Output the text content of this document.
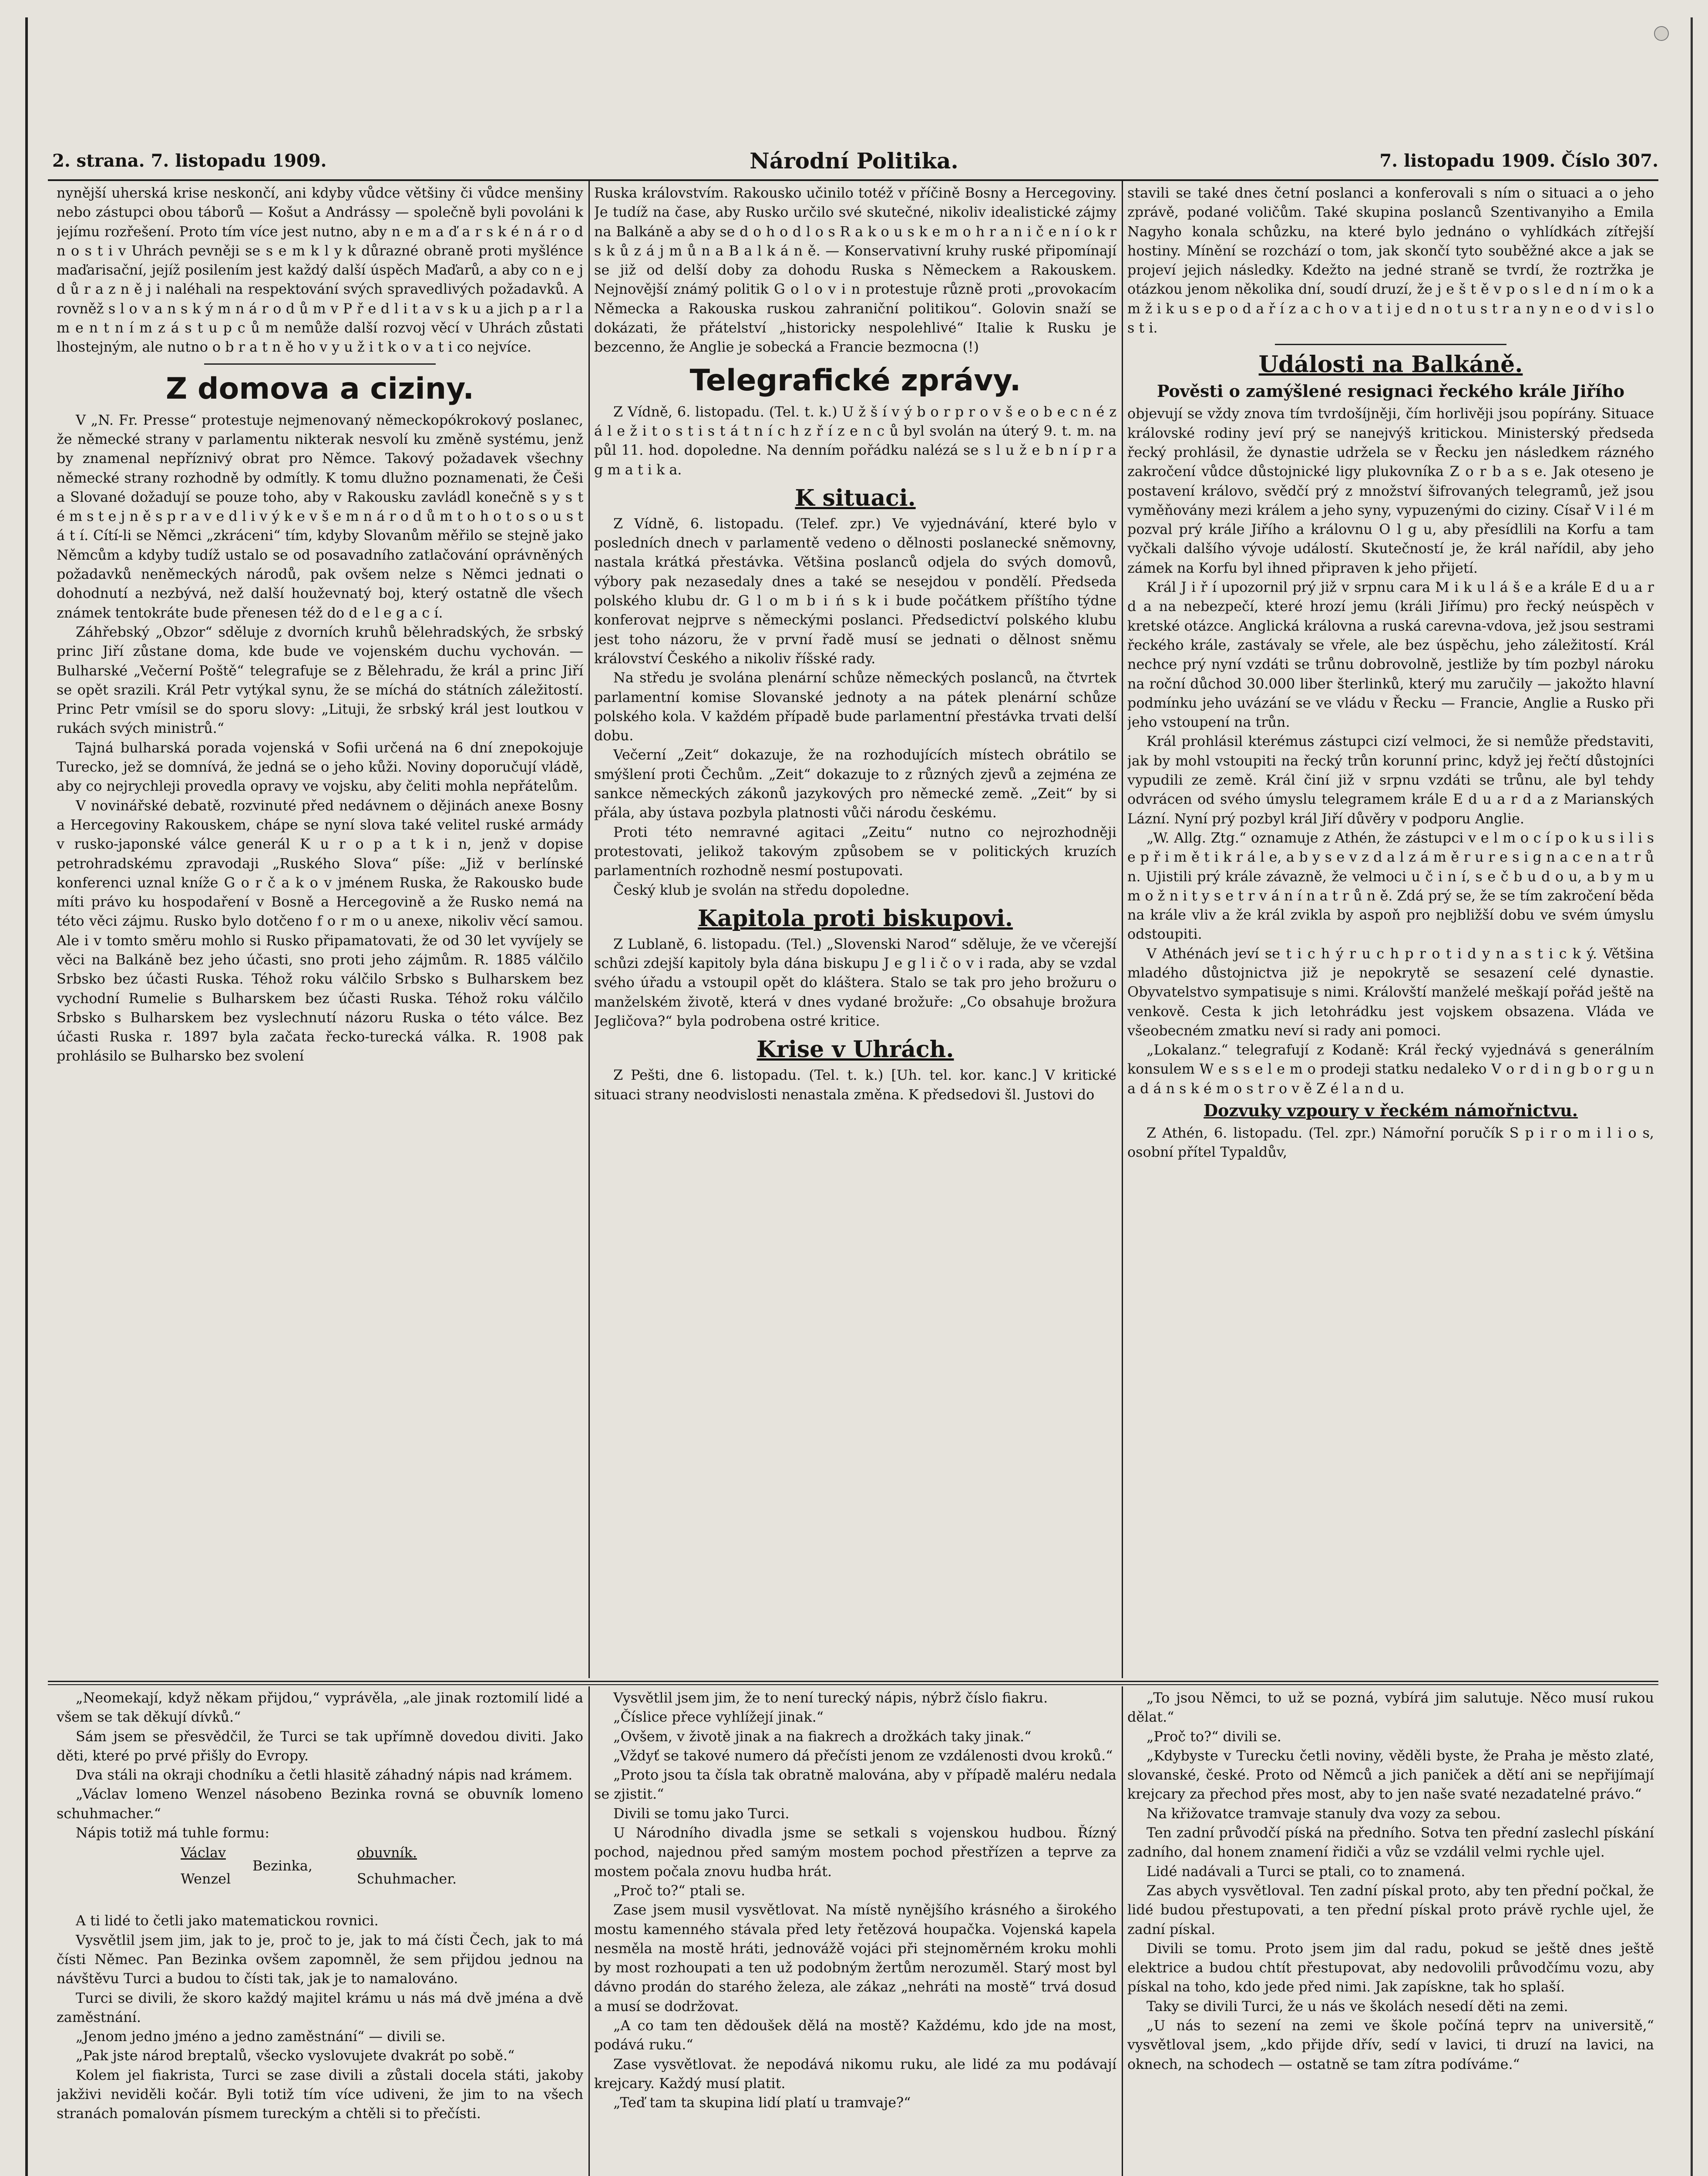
2. strana. 7. listopadu 1909.	Národní Politika.	7. listopadu 1909. Číslo 307.

nynější uherská krise neskončí, ani kdyby vůdce většiny či vůdce menšiny nebo zástupci obou táborů — Košut a Andrássy — společně byli povoláni k jejímu rozřešení. Proto tím více jest nutno, aby n e m a ď a r s k é n á r o d n o s t i v Uhrách pevněji se s e m k l y k důrazné obraně proti myšlénce maďarisační, jejíž posilením jest každý další úspěch Maďarů, a aby co n e j d ů r a z n ě j i naléhali na respektování svých spravedlivých požadavků. A rovněž s l o v a n s k ý m n á r o d ů m v P ř e d l i t a v s k u a jich p a r l a m e n t n í m z á s t u p c ů m nemůže další rozvoj věcí v Uhrách zůstati lhostejným, ale nutno o b r a t n ě ho v y u ž i t k o v a t i co nejvíce.

Z domova a ciziny.

V „N. Fr. Presse“ protestuje nejmenovaný německopókrokový poslanec, že německé strany v parlamentu nikterak nesvolí ku změně systému, jenž by znamenal nepříznivý obrat pro Němce. Takový požadavek všechny německé strany rozhodně by odmítly. K tomu dlužno poznamenati, že Češi a Slované dožadují se pouze toho, aby v Rakousku zavládl konečně s y s t é m s t e j n ě s p r a v e d l i v ý k e v š e m n á r o d ů m t o h o t o s o u s t á t í. Cítí-li se Němci „zkráceni“ tím, kdyby Slovanům měřilo se stejně jako Němcům a kdyby tudíž ustalo se od posavadního zatlačování oprávněných požadavků neněmeckých národů, pak ovšem nelze s Němci jednati o dohodnutí a nezbývá, než další houževnatý boj, který ostatně dle všech známek tentokráte bude přenesen též do d e l e g a c í.

Záhřebský „Obzor“ sděluje z dvorních kruhů bělehradských, že srbský princ Jiří zůstane doma, kde bude ve vojenském duchu vychován. — Bulharské „Večerní Poště“ telegrafuje se z Bělehradu, že král a princ Jiří se opět srazili. Král Petr vytýkal synu, že se míchá do státních záležitostí. Princ Petr vmísil se do sporu slovy: „Lituji, že srbský král jest loutkou v rukách svých ministrů.“

Tajná bulharská porada vojenská v Sofii určená na 6 dní znepokojuje Turecko, jež se domnívá, že jedná se o jeho kůži. Noviny doporučují vládě, aby co nejrychleji provedla opravy ve vojsku, aby čeliti mohla nepřátelům.

V novinářské debatě, rozvinuté před nedávnem o dějinách anexe Bosny a Hercegoviny Rakouskem, chápe se nyní slova také velitel ruské armády v rusko-japonské válce generál K u r o p a t k i n, jenž v dopise petrohradskému zpravodaji „Ruského Slova“ píše: „Již v berlínské konferenci uznal kníže G o r č a k o v jménem Ruska, že Rakousko bude míti právo ku hospodaření v Bosně a Hercegovině a že Rusko nemá na této věci zájmu. Rusko bylo dotčeno f o r m o u anexe, nikoliv věcí samou. Ale i v tomto směru mohlo si Rusko připamatovati, že od 30 let vyvíjely se věci na Balkáně bez jeho účasti, sno proti jeho zájmům. R. 1885 válčilo Srbsko bez účasti Ruska. Téhož roku válčilo Srbsko s Bulharskem bez vychodní Rumelie s Bulharskem bez účasti Ruska. Téhož roku válčilo Srbsko s Bulharskem bez vyslechnutí názoru Ruska o této válce. Bez účasti Ruska r. 1897 byla začata řecko-turecká válka. R. 1908 pak prohlásilo se Bulharsko bez svolení

Ruska královstvím. Rakousko učinilo totéž v příčině Bosny a Hercegoviny. Je tudíž na čase, aby Rusko určilo své skutečné, nikoliv idealistické zájmy na Balkáně a aby se d o h o d l o s R a k o u s k e m o h r a n i č e n í o k r s k ů z á j m ů n a B a l k á n ě. — Konservativní kruhy ruské připomínají se již od delší doby za dohodu Ruska s Německem a Rakouskem. Nejnovější známý politik G o l o v i n protestuje různě proti „provokacím Německa a Rakouska ruskou zahraniční politikou“. Golovin snaží se dokázati, že přátelství „historicky nespolehlivé“ Italie k Rusku je bezcenno, že Anglie je sobecká a Francie bezmocna (!)

Telegrafické zprávy.

Z Vídně, 6. listopadu. (Tel. t. k.) U ž š í v ý b o r p r o v š e o b e c n é z á l e ž i t o s t i s t á t n í c h z ř í z e n c ů byl svolán na úterý 9. t. m. na půl 11. hod. dopoledne. Na denním pořádku nalézá se s l u ž e b n í p r a g m a t i k a.

K situaci.

Z Vídně, 6. listopadu. (Telef. zpr.) Ve vyjednávání, které bylo v posledních dnech v parlamentě vedeno o dělnosti poslanecké sněmovny, nastala krátká přestávka. Většina poslanců odjela do svých domovů, výbory pak nezasedaly dnes a také se nesejdou v pondělí. Předseda polského klubu dr. G l o m b i ń s k i bude počátkem příštího týdne konferovat nejprve s německými poslanci. Předsedictví polského klubu jest toho názoru, že v první řadě musí se jednati o dělnost sněmu království Českého a nikoliv říšské rady.

Na středu je svolána plenární schůze německých poslanců, na čtvrtek parlamentní komise Slovanské jednoty a na pátek plenární schůze polského kola. V každém případě bude parlamentní přestávka trvati delší dobu.

Večerní „Zeit“ dokazuje, že na rozhodujících místech obrátilo se smýšlení proti Čechům. „Zeit“ dokazuje to z různých zjevů a zejména ze sankce německých zákonů jazykových pro německé země. „Zeit“ by si přála, aby ústava pozbyla platnosti vůči národu českému.

Proti této nemravné agitaci „Zeitu“ nutno co nejrozhodněji protestovati, jelikož takovým způsobem se v politických kruzích parlamentních rozhodně nesmí postupovati.

Český klub je svolán na středu dopoledne.

Kapitola proti biskupovi.

Z Lublaně, 6. listopadu. (Tel.) „Slovenski Narod“ sděluje, že ve včerejší schůzi zdejší kapitoly byla dána biskupu J e g l i č o v i rada, aby se vzdal svého úřadu a vstoupil opět do kláštera. Stalo se tak pro jeho brožuru o manželském životě, která v dnes vydané brožuře: „Co obsahuje brožura Jegličova?“ byla podrobena ostré kritice.

Krise v Uhrách.

Z Pešti, dne 6. listopadu. (Tel. t. k.) [Uh. tel. kor. kanc.] V kritické situaci strany neodvislosti nenastala změna. K předsedovi šl. Justovi do

stavili se také dnes četní poslanci a konferovali s ním o situaci a o jeho zprávě, podané voličům. Také skupina poslanců Szentivanyiho a Emila Nagyho konala schůzku, na které bylo jednáno o vyhlídkách zítřejší hostiny. Mínění se rozchází o tom, jak skončí tyto souběžné akce a jak se projeví jejich následky. Kdežto na jedné straně se tvrdí, že roztržka je otázkou jenom několika dní, soudí druzí, že j e š t ě v p o s l e d n í m o k a m ž i k u s e p o d a ř í z a c h o v a t i j e d n o t u s t r a n y n e o d v i s l o s t i.

Události na Balkáně.
Pověsti o zamýšlené resignaci řeckého krále Jiřího

objevují se vždy znova tím tvrdošíjněji, čím horlivěji jsou popírány. Situace královské rodiny jeví prý se nanejvýš kritickou. Ministerský předseda řecký prohlásil, že dynastie udržela se v Řecku jen následkem rázného zakročení vůdce důstojnické ligy plukovníka Z o r b a s e. Jak oteseno je postavení královo, svědčí prý z množství šifrovaných telegramů, jež jsou vyměňovány mezi králem a jeho syny, vypuzenými do ciziny. Císař V i l é m pozval prý krále Jiřího a královnu O l g u, aby přesídlili na Korfu a tam vyčkali dalšího vývoje událostí. Skutečností je, že král nařídil, aby jeho zámek na Korfu byl ihned připraven k jeho přijetí.

Král J i ř í upozornil prý již v srpnu cara M i k u l á š e a krále E d u a r d a na nebezpečí, které hrozí jemu (králi Jiřímu) pro řecký neúspěch v kretské otázce. Anglická královna a ruská carevna-vdova, jež jsou sestrami řeckého krále, zastávaly se vřele, ale bez úspěchu, jeho záležitostí. Král nechce prý nyní vzdáti se trůnu dobrovolně, jestliže by tím pozbyl nároku na roční důchod 30.000 liber šterlinků, který mu zaručily — jakožto hlavní podmínku jeho uvázání se ve vládu v Řecku — Francie, Anglie a Rusko při jeho vstoupení na trůn.

Král prohlásil kterémus zástupci cizí velmoci, že si nemůže představiti, jak by mohl vstoupiti na řecký trůn korunní princ, když jej řečtí důstojníci vypudili ze země. Král činí již v srpnu vzdáti se trůnu, ale byl tehdy odvrácen od svého úmyslu telegramem krále E d u a r d a z Marianských Lázní. Nyní prý pozbyl král Jiří důvěry v podporu Anglie.

„W. Allg. Ztg.“ oznamuje z Athén, že zástupci v e l m o c í p o k u s i l i s e p ř i m ě t i k r á l e, a b y s e v z d a l z á m ě r u r e s i g n a c e n a t r ů n. Ujistili prý krále závazně, že velmoci u č i n í, s e č b u d o u, a b y m u m o ž n i t y s e t r v á n í n a t r ů n ě. Zdá prý se, že se tím zakročení běda na krále vliv a že král zvikla by aspoň pro nejbližší dobu ve svém úmyslu odstoupiti.

V Athénách jeví se t i c h ý r u c h p r o t i d y n a s t i c k ý. Většina mladého důstojnictva již je nepokrytě se sesazení celé dynastie. Obyvatelstvo sympatisuje s nimi. Královští manželé meškají pořád ještě na venkově. Cesta k jich letohrádku jest vojskem obsazena. Vláda ve všeobecném zmatku neví si rady ani pomoci.

„Lokalanz.“ telegrafují z Kodaně: Král řecký vyjednává s generálním konsulem W e s s e l e m o prodeji statku nedaleko V o r d i n g b o r g u n a d á n s k é m o s t r o v ě Z é l a n d u.

Dozvuky vzpoury v řeckém námořnictvu.

Z Athén, 6. listopadu. (Tel. zpr.) Námořní poručík S p i r o m i l i o s, osobní přítel Typaldův,

„Neomekají, když někam přijdou,“ vyprávěla, „ale jinak roztomilí lidé a všem se tak děkují dívků.“

Sám jsem se přesvědčil, že Turci se tak upřímně dovedou diviti. Jako děti, které po prvé přišly do Evropy.

Dva stáli na okraji chodníku a četli hlasitě záhadný nápis nad krámem.

„Václav lomeno Wenzel násobeno Bezinka rovná se obuvník lomeno schuhmacher.“

Nápis totiž má tuhle formu:

Václav
Wenzel
Bezinka,
obuvník.
Schuhmacher.

A ti lidé to četli jako matematickou rovnici.

Vysvětlil jsem jim, jak to je, proč to je, jak to má čísti Čech, jak to má čísti Němec. Pan Bezinka ovšem zapomněl, že sem přijdou jednou na návštěvu Turci a budou to čísti tak, jak je to namalováno.

Turci se divili, že skoro každý majitel krámu u nás má dvě jména a dvě zaměstnání.

„Jenom jedno jméno a jedno zaměstnání“ — divili se.

„Pak jste národ breptalů, všecko vyslovujete dvakrát po sobě.“

Kolem jel fiakrista, Turci se zase divili a zůstali docela státi, jakoby jakživi neviděli kočár. Byli totiž tím více udiveni, že jim to na všech stranách pomalován písmem tureckým a chtěli si to přečísti.

Vysvětlil jsem jim, že to není turecký nápis, nýbrž číslo fiakru.

„Číslice přece vyhlížejí jinak.“

„Ovšem, v životě jinak a na fiakrech a drožkách taky jinak.“

„Vždyť se takové numero dá přečísti jenom ze vzdálenosti dvou kroků.“

„Proto jsou ta čísla tak obratně malována, aby v případě maléru nedala se zjistit.“

Divili se tomu jako Turci.

U Národního divadla jsme se setkali s vojenskou hudbou. Řízný pochod, najednou před samým mostem pochod přestřízen a teprve za mostem počala znovu hudba hrát.

„Proč to?“ ptali se.

Zase jsem musil vysvětlovat. Na místě nynějšího krásného a širokého mostu kamenného stávala před lety řetězová houpačka. Vojenská kapela nesměla na mostě hráti, jednovážě vojáci při stejnoměrném kroku mohli by most rozhoupati a ten už podobným žertům nerozuměl. Starý most byl dávno prodán do starého železa, ale zákaz „nehráti na mostě“ trvá dosud a musí se dodržovat.

„A co tam ten dědoušek dělá na mostě? Každému, kdo jde na most, podává ruku.“

Zase vysvětlovat. že nepodává nikomu ruku, ale lidé za mu podávají krejcary. Každý musí platit.

„Teď tam ta skupina lidí platí u tramvaje?“

„To jsou Němci, to už se pozná, vybírá jim salutuje. Něco musí rukou dělat.“

„Proč to?“ divili se.

„Kdybyste v Turecku četli noviny, věděli byste, že Praha je město zlaté, slovanské, české. Proto od Němců a jich paniček a dětí ani se nepřijímají krejcary za přechod přes most, aby to jen naše svaté nezadatelné právo.“

Na křižovatce tramvaje stanuly dva vozy za sebou.

Ten zadní průvodčí píská na předního. Sotva ten přední zaslechl pískání zadního, dal honem znamení řidiči a vůz se vzdálil velmi rychle ujel.

Lidé nadávali a Turci se ptali, co to znamená.

Zas abych vysvětloval. Ten zadní pískal proto, aby ten přední počkal, že lidé budou přestupovati, a ten přední pískal proto právě rychle ujel, že zadní pískal.

Divili se tomu. Proto jsem jim dal radu, pokud se ještě dnes ještě elektrice a budou chtít přestupovat, aby nedovolili průvodčímu vozu, aby pískal na toho, kdo jede před nimi. Jak zapískne, tak ho splaší.

Taky se divili Turci, že u nás ve školách nesedí děti na zemi.

„U nás to sezení na zemi ve škole počíná teprv na universitě,“ vysvětloval jsem, „kdo přijde dřív, sedí v lavici, ti druzí na lavici, na oknech, na schodech — ostatně se tam zítra podíváme.“
